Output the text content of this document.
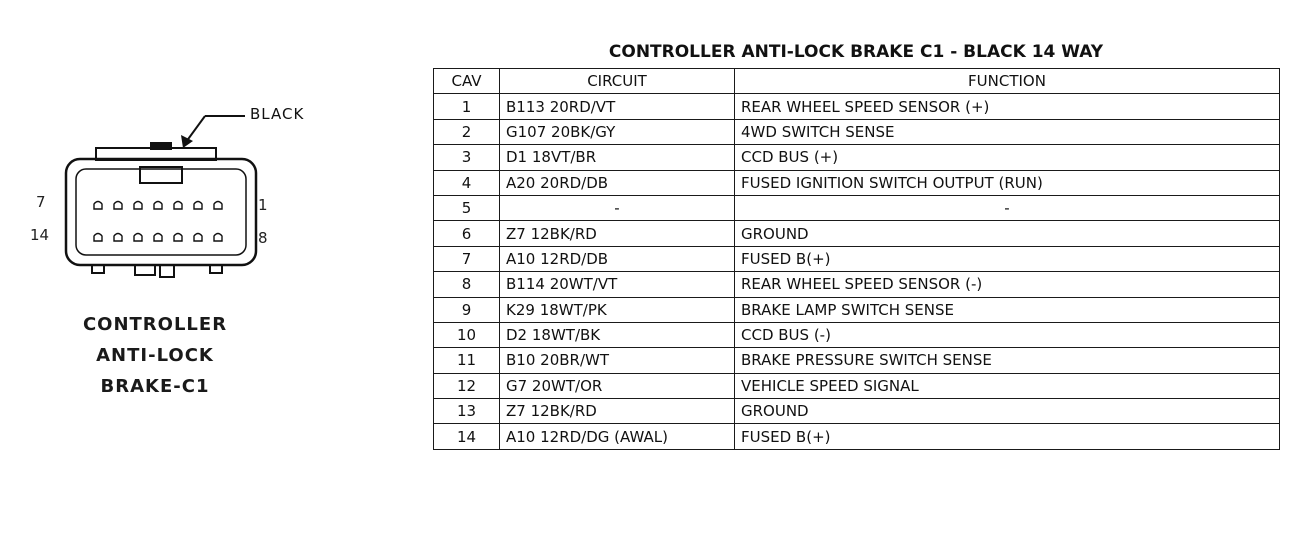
BLACK
7
14
1
8
CONTROLLER
ANTI-LOCK
BRAKE-C1
CONTROLLER ANTI-LOCK BRAKE C1 - BLACK 14 WAY
CAV	CIRCUIT	FUNCTION
1	B113 20RD/VT	REAR WHEEL SPEED SENSOR (+)
2	G107 20BK/GY	4WD SWITCH SENSE
3	D1 18VT/BR	CCD BUS (+)
4	A20 20RD/DB	FUSED IGNITION SWITCH OUTPUT (RUN)
5	-	-
6	Z7 12BK/RD	GROUND
7	A10 12RD/DB	FUSED B(+)
8	B114 20WT/VT	REAR WHEEL SPEED SENSOR (-)
9	K29 18WT/PK	BRAKE LAMP SWITCH SENSE
10	D2 18WT/BK	CCD BUS (-)
11	B10 20BR/WT	BRAKE PRESSURE SWITCH SENSE
12	G7 20WT/OR	VEHICLE SPEED SIGNAL
13	Z7 12BK/RD	GROUND
14	A10 12RD/DG (AWAL)	FUSED B(+)
